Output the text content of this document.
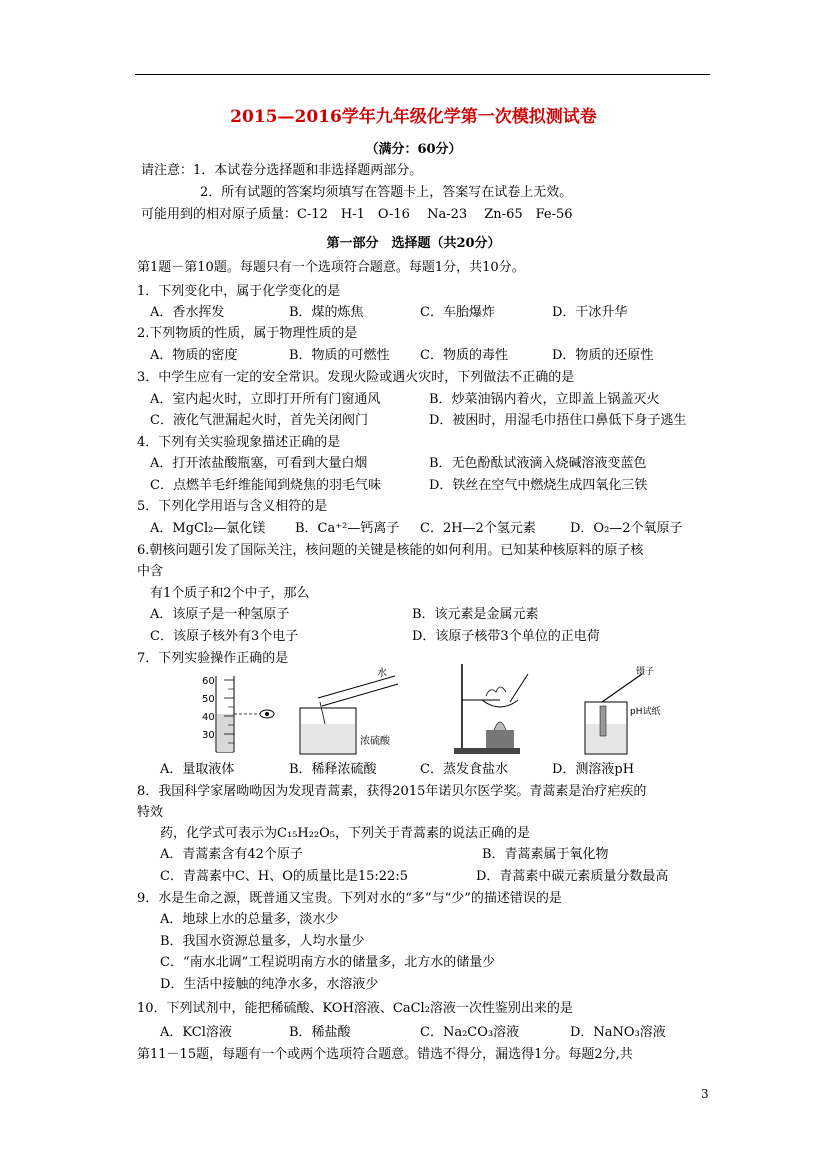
2015—2016学年九年级化学第一次模拟测试卷
（满分：60分）
请注意：1．本试卷分选择题和非选择题两部分。
2．所有试题的答案均须填写在答题卡上，答案写在试卷上无效。
可能用到的相对原子质量：C-12　H-1　O-16　 Na-23　 Zn-65　Fe-56
第一部分　选择题（共20分）
第1题－第10题。每题只有一个选项符合题意。每题1分，共10分。
1．下列变化中，属于化学变化的是
A．香水挥发	B．煤的炼焦	C．车胎爆炸	D．干冰升华
2.下列物质的性质，属于物理性质的是
A．物质的密度	B．物质的可燃性 C．物质的毒性	D．物质的还原性
3．中学生应有一定的安全常识。发现火险或遇火灾时，下列做法不正确的是
A．室内起火时，立即打开所有门窗通风	B．炒菜油锅内着火，立即盖上锅盖灭火
C．液化气泄漏起火时，首先关闭阀门	D．被困时，用湿毛巾捂住口鼻低下身子逃生
4．下列有关实验现象描述正确的是
A．打开浓盐酸瓶塞，可看到大量白烟	B．无色酚酞试液滴入烧碱溶液变蓝色
C．点燃羊毛纤维能闻到烧焦的羽毛气味	D．铁丝在空气中燃烧生成四氧化三铁
5．下列化学用语与含义相符的是
A．MgCl₂—氯化镁 B．Ca⁺²—钙离子 C．2H—2个氢元素	D．O₂—2个氧原子
6.朝核问题引发了国际关注，核问题的关键是核能的如何利用。已知某种核原料的原子核
中含
有1个质子和2个中子，那么
A．该原子是一种氢原子	B．该元素是金属元素
C．该原子核外有3个电子	D．该原子核带3个单位的正电荷
7．下列实验操作正确的是
60
50
40
30
水
浓硫酸
镊子
pH试纸
A．量取液体	B．稀释浓硫酸	C．蒸发食盐水	D．测溶液pH
8．我国科学家屠呦呦因为发现青蒿素，获得2015年诺贝尔医学奖。青蒿素是治疗疟疾的
特效
药，化学式可表示为C₁₅H₂₂O₅，下列关于青蒿素的说法正确的是
A．青蒿素含有42个原子	B．青蒿素属于氧化物
C．青蒿素中C、H、O的质量比是15:22:5	D．青蒿素中碳元素质量分数最高
9．水是生命之源，既普通又宝贵。下列对水的“多”与“少”的描述错误的是
A．地球上水的总量多，淡水少
B．我国水资源总量多，人均水量少
C．“南水北调”工程说明南方水的储量多，北方水的储量少
D．生活中接触的纯净水多，水溶液少
10．下列试剂中，能把稀硫酸、KOH溶液、CaCl₂溶液一次性鉴别出来的是
A．KCl溶液	B．稀盐酸	C．Na₂CO₃溶液	D．NaNO₃溶液
第11－15题，每题有一个或两个选项符合题意。错选不得分，漏选得1分。每题2分,共
3
